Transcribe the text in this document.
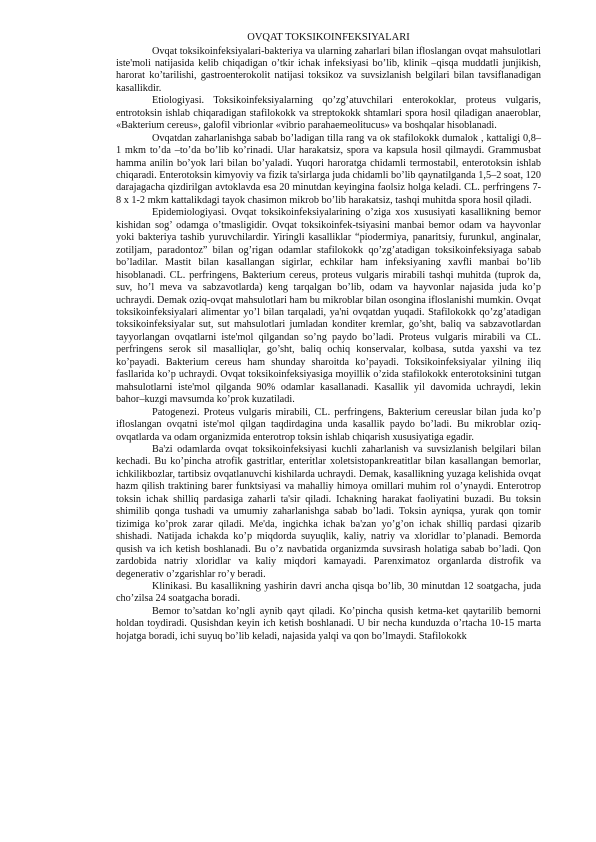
OVQAT TOKSIKOINFEKSIYALARI

Ovqat toksikoinfeksiyalari-bakteriya va ularning zaharlari bilan ifloslangan ovqat mahsulotlari iste'moli natijasida kelib chiqadigan o’tkir ichak infeksiyasi bo’lib, klinik –qisqa muddatli junjikish, harorat ko’tarilishi, gastroenterokolit natijasi toksikoz va suvsizlanish belgilari bilan tavsiflanadigan kasallikdir.

Etiologiyasi. Toksikoinfeksiyalarning qo’zg’atuvchilari enterokoklar, proteus vulgaris, entrotoksin ishlab chiqaradigan stafilokokk va streptokokk shtamlari spora hosil qiladigan anaeroblar, «Bakterium cereus», galofil vibrionlar «vibrio parahaemeolitucus» va boshqalar hisoblanadi.

Ovqatdan zaharlanishga sabab bo’ladigan tilla rang va ok stafilokokk dumalok , kattaligi 0,8–1 mkm to’da –to’da bo’lib ko’rinadi. Ular harakatsiz, spora va kapsula hosil qilmaydi. Grammusbat hamma anilin bo’yok lari bilan bo’yaladi. Yuqori haroratga chidamli termostabil, enterotoksin ishlab chiqaradi. Enterotoksin kimyoviy va fizik ta'sirlarga juda chidamli bo’lib qaynatilganda 1,5–2 soat, 120 darajagacha qizdirilgan avtoklavda esa 20 minutdan keyingina faolsiz holga keladi. CL. perfringens 7-8 x 1-2 mkm kattalikdagi tayok chasimon mikrob bo’lib harakatsiz, tashqi muhitda spora hosil qiladi.

Epidemiologiyasi. Ovqat toksikoinfeksiyalarining o’ziga xos xususiyati kasallikning bemor kishidan sog’ odamga o’tmasligidir. Ovqat toksikoinfek-tsiyasini manbai bemor odam va hayvonlar yoki bakteriya tashib yuruvchilardir. Yiringli kasalliklar “piodermiya, panaritsiy, furunkul, anginalar, zotiljam, paradontoz” bilan og’rigan odamlar stafilokokk qo’zg’atadigan toksikoinfeksiyaga sabab bo’ladilar. Mastit bilan kasallangan sigirlar, echkilar ham infeksiyaning xavfli manbai bo’lib hisoblanadi. CL. perfringens, Bakterium cereus, proteus vulgaris mirabili tashqi muhitda (tuprok da, suv, ho’l meva va sabzavotlarda) keng tarqalgan bo’lib, odam va hayvonlar najasida juda ko’p uchraydi. Demak oziq-ovqat mahsulotlari ham bu mikroblar bilan osongina ifloslanishi mumkin. Ovqat toksikoinfeksiyalari alimentar yo’l bilan tarqaladi, ya'ni ovqatdan yuqadi. Stafilokokk qo’zg’atadigan toksikoinfeksiyalar sut, sut mahsulotlari jumladan konditer kremlar, go’sht, baliq va sabzavotlardan tayyorlangan ovqatlarni iste'mol qilgandan so’ng paydo bo’ladi. Proteus vulgaris mirabili va CL. perfringens serok sil masalliqlar, go’sht, baliq ochiq konservalar, kolbasa, sutda yaxshi va tez ko’payadi. Bakterium cereus ham shunday sharoitda ko’payadi. Toksikoinfeksiyalar yilning iliq fasllarida ko’p uchraydi. Ovqat toksikoinfeksiyasiga moyillik o’zida stafilokokk enterotoksinini tutgan mahsulotlarni iste'mol qilganda 90% odamlar kasallanadi. Kasallik yil davomida uchraydi, lekin bahor–kuzgi mavsumda ko’prok kuzatiladi.

Patogenezi. Proteus vulgaris mirabili, CL. perfringens, Bakterium cereuslar bilan juda ko’p ifloslangan ovqatni iste'mol qilgan taqdirdagina unda kasallik paydo bo’ladi. Bu mikroblar oziq-ovqatlarda va odam organizmida enterotrop toksin ishlab chiqarish xususiyatiga egadir.

Ba'zi odamlarda ovqat toksikoinfeksiyasi kuchli zaharlanish va suvsizlanish belgilari bilan kechadi. Bu ko’pincha atrofik gastritlar, enteritlar xoletsistopankreatitlar bilan kasallangan bemorlar, ichkilikbozlar, tartibsiz ovqatlanuvchi kishilarda uchraydi. Demak, kasallikning yuzaga kelishida ovqat hazm qilish traktining barer funktsiyasi va mahalliy himoya omillari muhim rol o’ynaydi. Enterotrop toksin ichak shilliq pardasiga zaharli ta'sir qiladi. Ichakning harakat faoliyatini buzadi. Bu toksin shimilib qonga tushadi va umumiy zaharlanishga sabab bo’ladi. Toksin ayniqsa, yurak qon tomir tizimiga ko’prok zarar qiladi. Me'da, ingichka ichak ba'zan yo’g’on ichak shilliq pardasi qizarib shishadi. Natijada ichakda ko’p miqdorda suyuqlik, kaliy, natriy va xloridlar to’planadi. Bemorda qusish va ich ketish boshlanadi. Bu o’z navbatida organizmda suvsirash holatiga sabab bo’ladi. Qon zardobida natriy xloridlar va kaliy miqdori kamayadi. Parenximatoz organlarda distrofik va degenerativ o’zgarishlar ro’y beradi.

Klinikasi. Bu kasallikning yashirin davri ancha qisqa bo’lib, 30 minutdan 12 soatgacha, juda cho’zilsa 24 soatgacha boradi.

Bemor to’satdan ko’ngli aynib qayt qiladi. Ko’pincha qusish ketma-ket qaytarilib bemorni holdan toydiradi. Qusishdan keyin ich ketish boshlanadi. U bir necha kunduzda o’rtacha 10-15 marta hojatga boradi, ichi suyuq bo’lib keladi, najasida yalqi va qon bo’lmaydi. Stafilokokk
